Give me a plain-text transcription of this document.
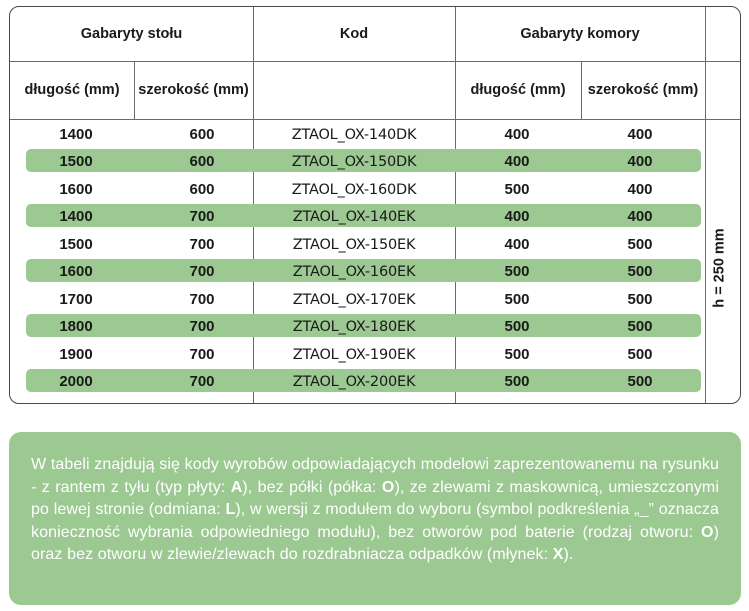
Gabaryty stołu	Kod	Gabaryty komory
długość (mm)	szerokość (mm)	długość (mm)	szerokość (mm)
1400	600	ZTAOL_OX-140DK	400	400
1500	600	ZTAOL_OX-150DK	400	400
1600	600	ZTAOL_OX-160DK	500	400
1400	700	ZTAOL_OX-140EK	400	400
1500	700	ZTAOL_OX-150EK	400	500
1600	700	ZTAOL_OX-160EK	500	500
1700	700	ZTAOL_OX-170EK	500	500
1800	700	ZTAOL_OX-180EK	500	500
1900	700	ZTAOL_OX-190EK	500	500
2000	700	ZTAOL_OX-200EK	500	500
h = 250 mm
W tabeli znajdują się kody wyrobów odpowiadających modelowi zaprezentowanemu na rysunku - z rantem z tyłu (typ płyty: A), bez półki (półka: O), ze zlewami z maskownicą, umieszczonymi po lewej stronie (odmiana: L), w wersji z modułem do wyboru (symbol podkreślenia „_” oznacza konieczność wybrania odpowiedniego modułu), bez otworów pod baterie (rodzaj otworu: O) oraz bez otworu w zlewie/zlewach do rozdrabniacza odpadków (młynek: X).
